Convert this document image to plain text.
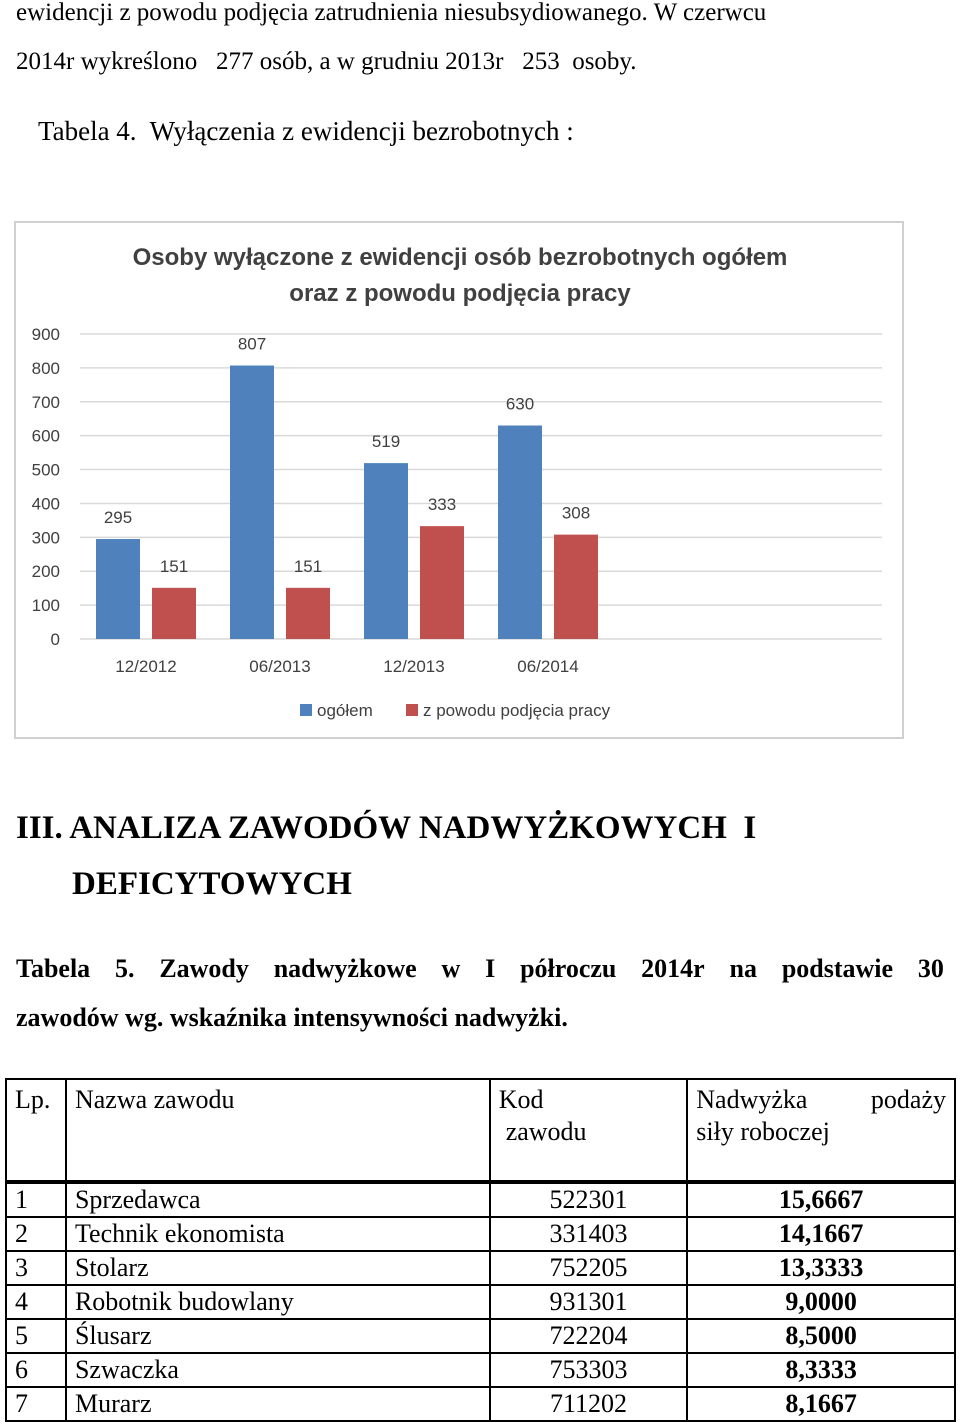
ewidencji z powodu podjęcia zatrudnienia niesubsydiowanego. W czerwcu
2014r wykreślono   277 osób, a w grudniu 2013r   253  osoby.
Tabela 4.  Wyłączenia z ewidencji bezrobotnych :
Osoby wyłączone z ewidencji osób bezrobotnych ogółem
oraz z powodu podjęcia pracy
0
100
200
300
400
500
600
700
800
900
295
151
12/2012
807
151
06/2013
519
333
12/2013
630
308
06/2014
ogółem	z powodu podjęcia pracy
III. ANALIZA ZAWODÓW NADWYŻKOWYCH  I
DEFICYTOWYCH
Tabela 5. Zawody nadwyżkowe w I półroczu 2014r na podstawie 30
zawodów wg. wskaźnika intensywności nadwyżki.
Lp.	Nazwa zawodu	Kod
zawodu	Nadwyżka podaży
siły roboczej

1	Sprzedawca	522301	15,6667
2	Technik ekonomista	331403	14,1667
3	Stolarz	752205	13,3333
4	Robotnik budowlany	931301	9,0000
5	Ślusarz	722204	8,5000
6	Szwaczka	753303	8,3333
7	Murarz	711202	8,1667
